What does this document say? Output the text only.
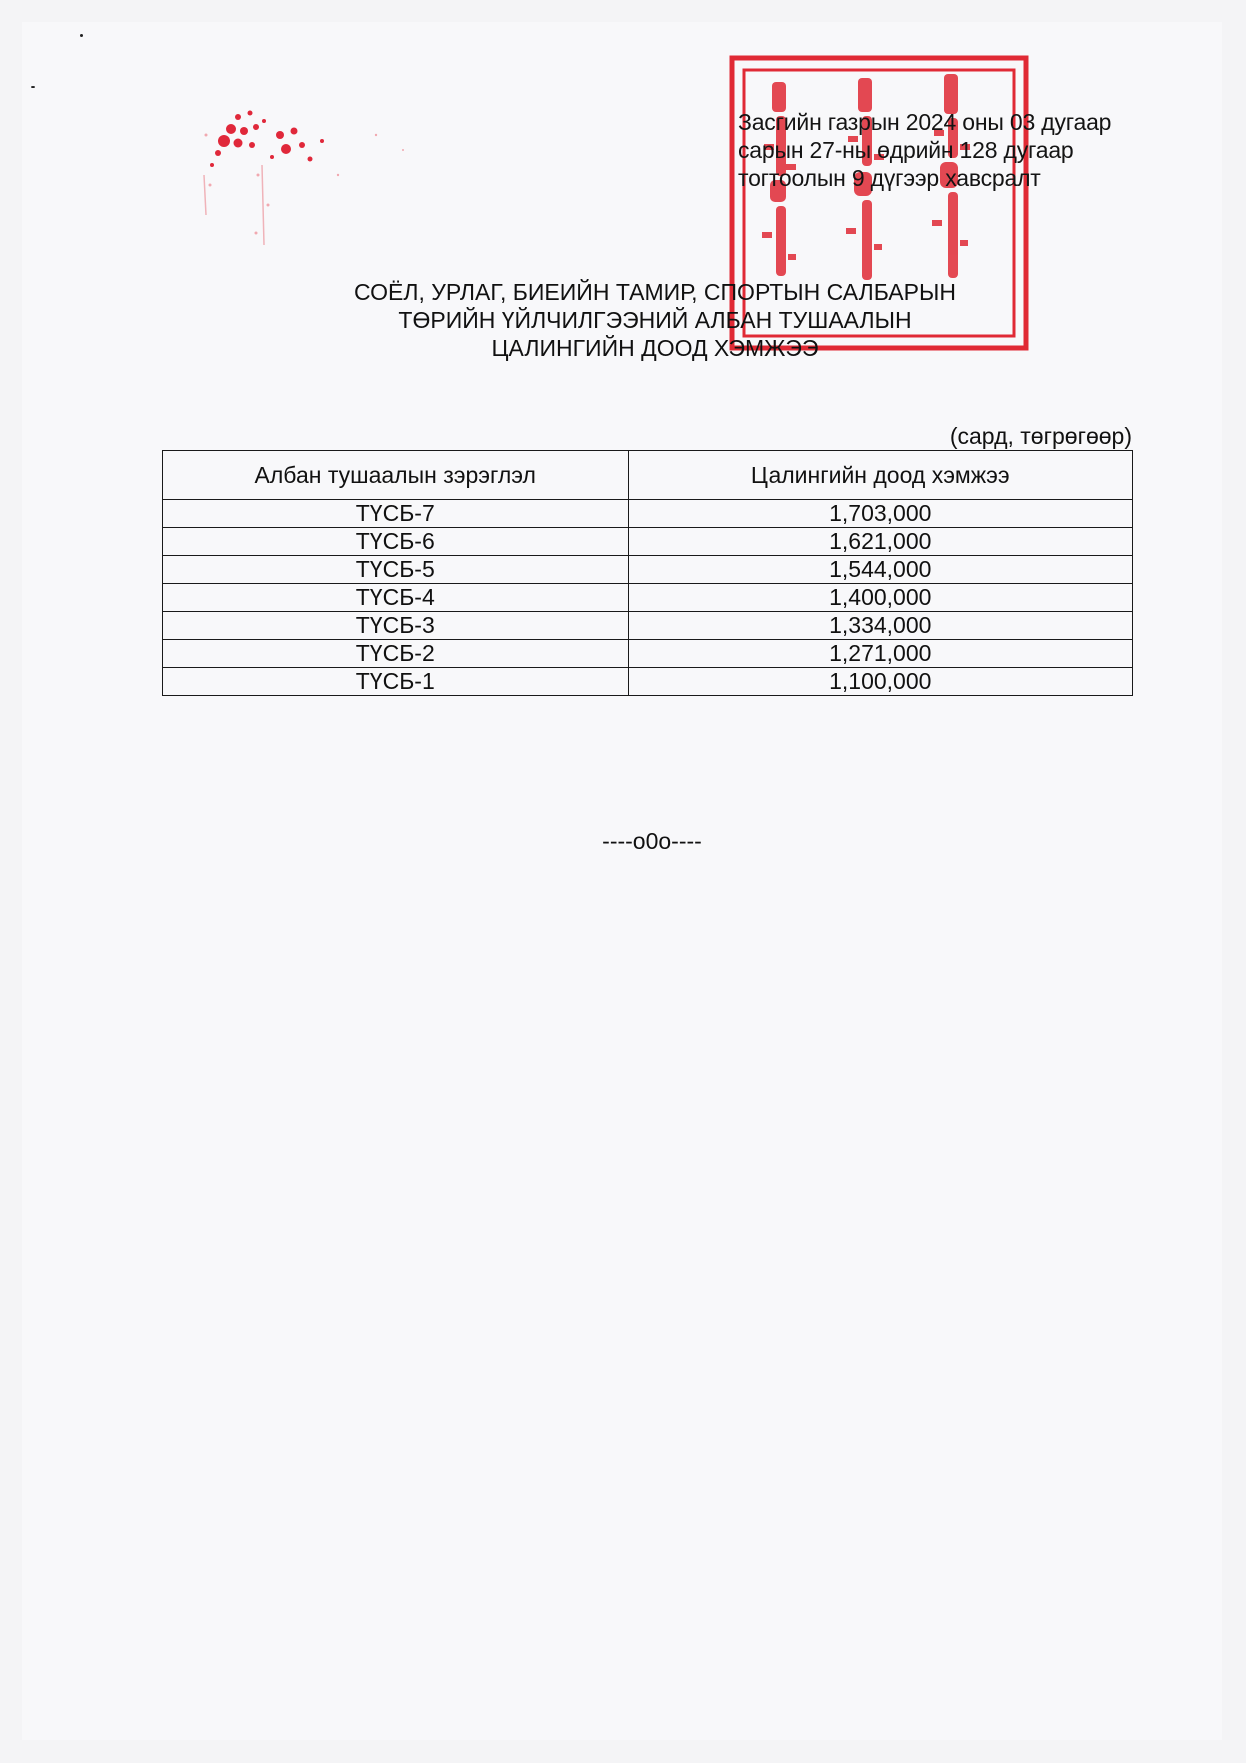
Засгийн газрын 2024 оны 03 дугаар
сарын 27-ны өдрийн 128 дугаар
тогтоолын 9 дүгээр хавсралт
СОЁЛ, УРЛАГ, БИЕИЙН ТАМИР, СПОРТЫН САЛБАРЫН
ТӨРИЙН ҮЙЛЧИЛГЭЭНИЙ АЛБАН ТУШААЛЫН
ЦАЛИНГИЙН ДООД ХЭМЖЭЭ
(сард, төгрөгөөр)
Албан тушаалын зэрэглэл	Цалингийн доод хэмжээ
ТҮСБ-7	1,703,000
ТҮСБ-6	1,621,000
ТҮСБ-5	1,544,000
ТҮСБ-4	1,400,000
ТҮСБ-3	1,334,000
ТҮСБ-2	1,271,000
ТҮСБ-1	1,100,000
----o0o----
